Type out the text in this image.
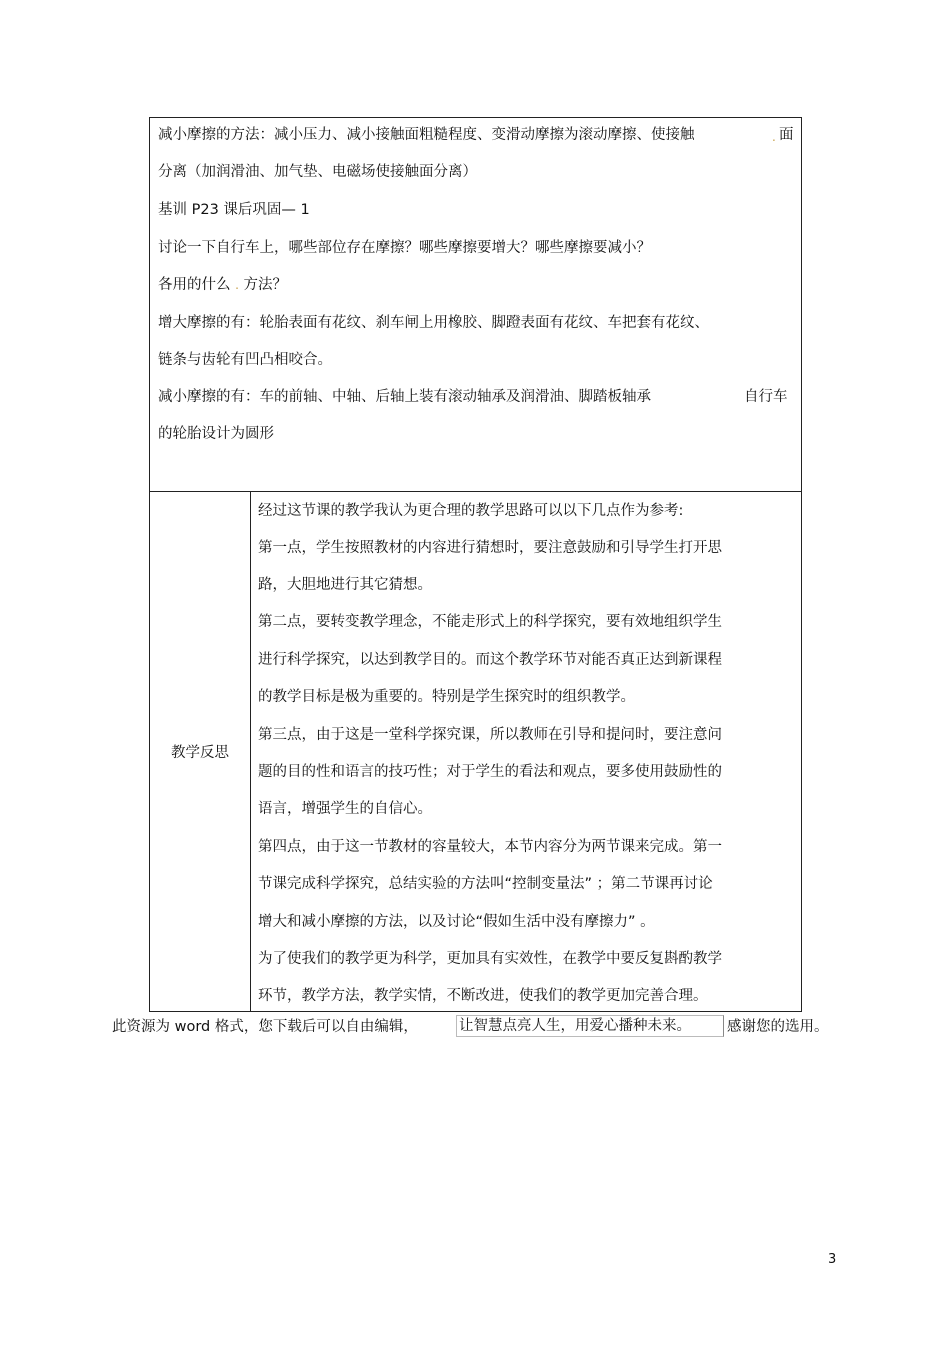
减小摩擦的方法：减小压力、减小接触面粗糙程度、变滑动摩擦为滚动摩擦、使接触	. 面
分离（加润滑油、加气垫、电磁场使接触面分离）
基训 P23 课后巩固— 1
讨论一下自行车上，哪些部位存在摩擦？哪些摩擦要增大？哪些摩擦要减小？
各用的什么 . 方法？
增大摩擦的有：轮胎表面有花纹、刹车闸上用橡胶、脚蹬表面有花纹、车把套有花纹、
链条与齿轮有凹凸相咬合。
减小摩擦的有：车的前轴、中轴、后轴上装有滚动轴承及润滑油、脚踏板轴承	自行车
的轮胎设计为圆形
教学反思
经过这节课的教学我认为更合理的教学思路可以以下几点作为参考:
第一点，学生按照教材的内容进行猜想时，要注意鼓励和引导学生打开思
路，大胆地进行其它猜想。
第二点，要转变教学理念，不能走形式上的科学探究，要有效地组织学生
进行科学探究，以达到教学目的。而这个教学环节对能否真正达到新课程
的教学目标是极为重要的。特别是学生探究时的组织教学。
第三点，由于这是一堂科学探究课，所以教师在引导和提问时，要注意问
题的目的性和语言的技巧性；对于学生的看法和观点，要多使用鼓励性的
语言，增强学生的自信心。
第四点，由于这一节教材的容量较大，本节内容分为两节课来完成。第一
节课完成科学探究，总结实验的方法叫“控制变量法” ；第二节课再讨论
增大和减小摩擦的方法，以及讨论“假如生活中没有摩擦力” 。
为了使我们的教学更为科学，更加具有实效性，在教学中要反复斟酌教学
环节，教学方法，教学实情，不断改进，使我们的教学更加完善合理。
此资源为 word 格式，您下载后可以自由编辑，	让智慧点亮人生，用爱心播种未来。	感谢您的选用。
3
